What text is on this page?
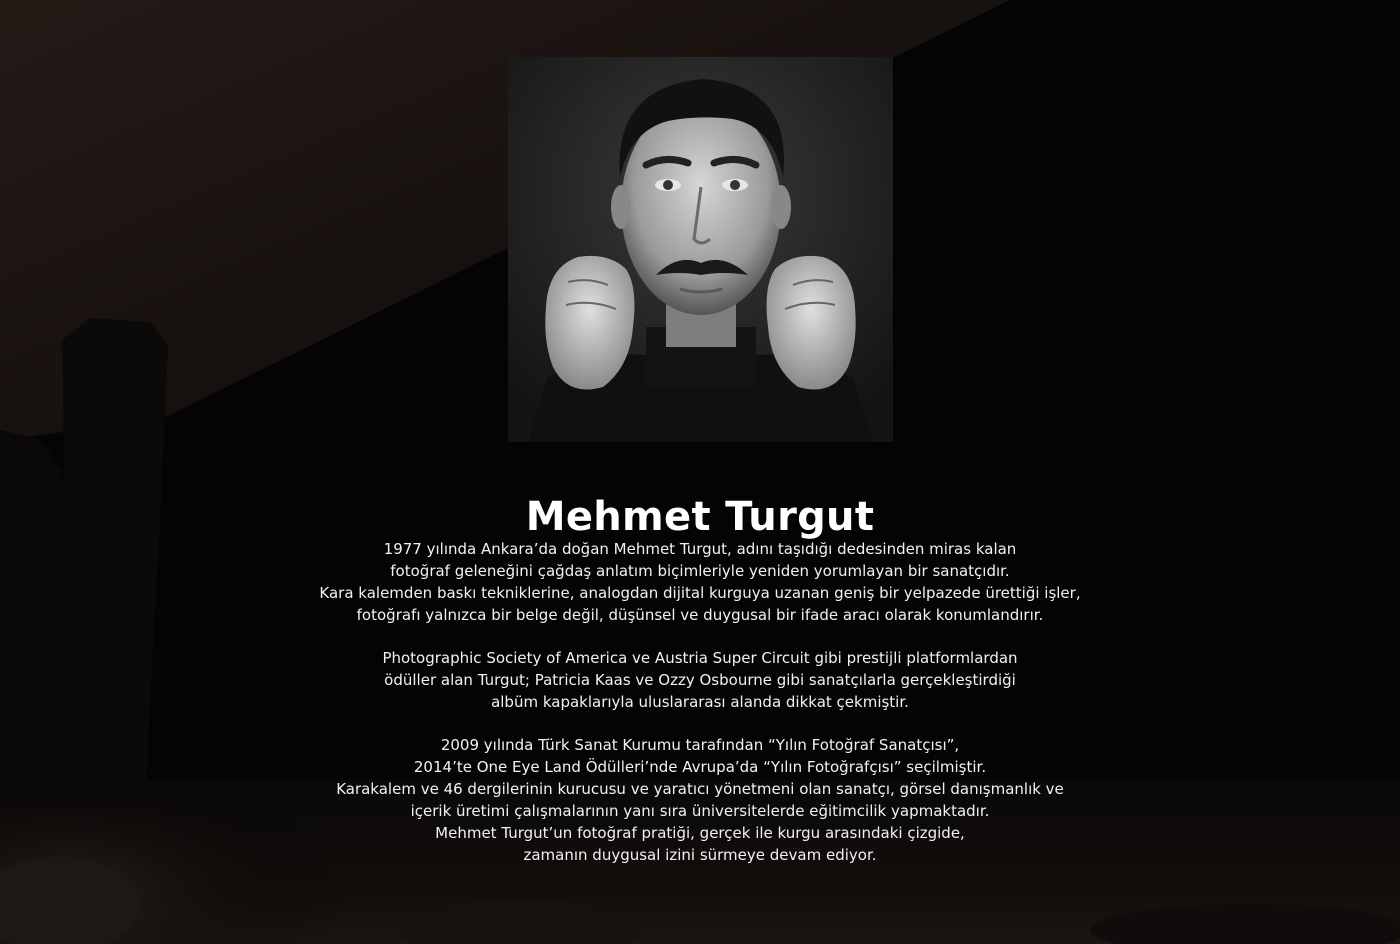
Mehmet Turgut

1977 yılında Ankara’da doğan Mehmet Turgut, adını taşıdığı dedesinden miras kalan
fotoğraf geleneğini çağdaş anlatım biçimleriyle yeniden yorumlayan bir sanatçıdır.
Kara kalemden baskı tekniklerine, analogdan dijital kurguya uzanan geniş bir yelpazede ürettiği işler,
fotoğrafı yalnızca bir belge değil, düşünsel ve duygusal bir ifade aracı olarak konumlandırır.

Photographic Society of America ve Austria Super Circuit gibi prestijli platformlardan
ödüller alan Turgut; Patricia Kaas ve Ozzy Osbourne gibi sanatçılarla gerçekleştirdiği
albüm kapaklarıyla uluslararası alanda dikkat çekmiştir.

2009 yılında Türk Sanat Kurumu tarafından “Yılın Fotoğraf Sanatçısı”,
2014’te One Eye Land Ödülleri’nde Avrupa’da “Yılın Fotoğrafçısı” seçilmiştir.
Karakalem ve 46 dergilerinin kurucusu ve yaratıcı yönetmeni olan sanatçı, görsel danışmanlık ve
içerik üretimi çalışmalarının yanı sıra üniversitelerde eğitimcilik yapmaktadır.
Mehmet Turgut’un fotoğraf pratiği, gerçek ile kurgu arasındaki çizgide,
zamanın duygusal izini sürmeye devam ediyor.
